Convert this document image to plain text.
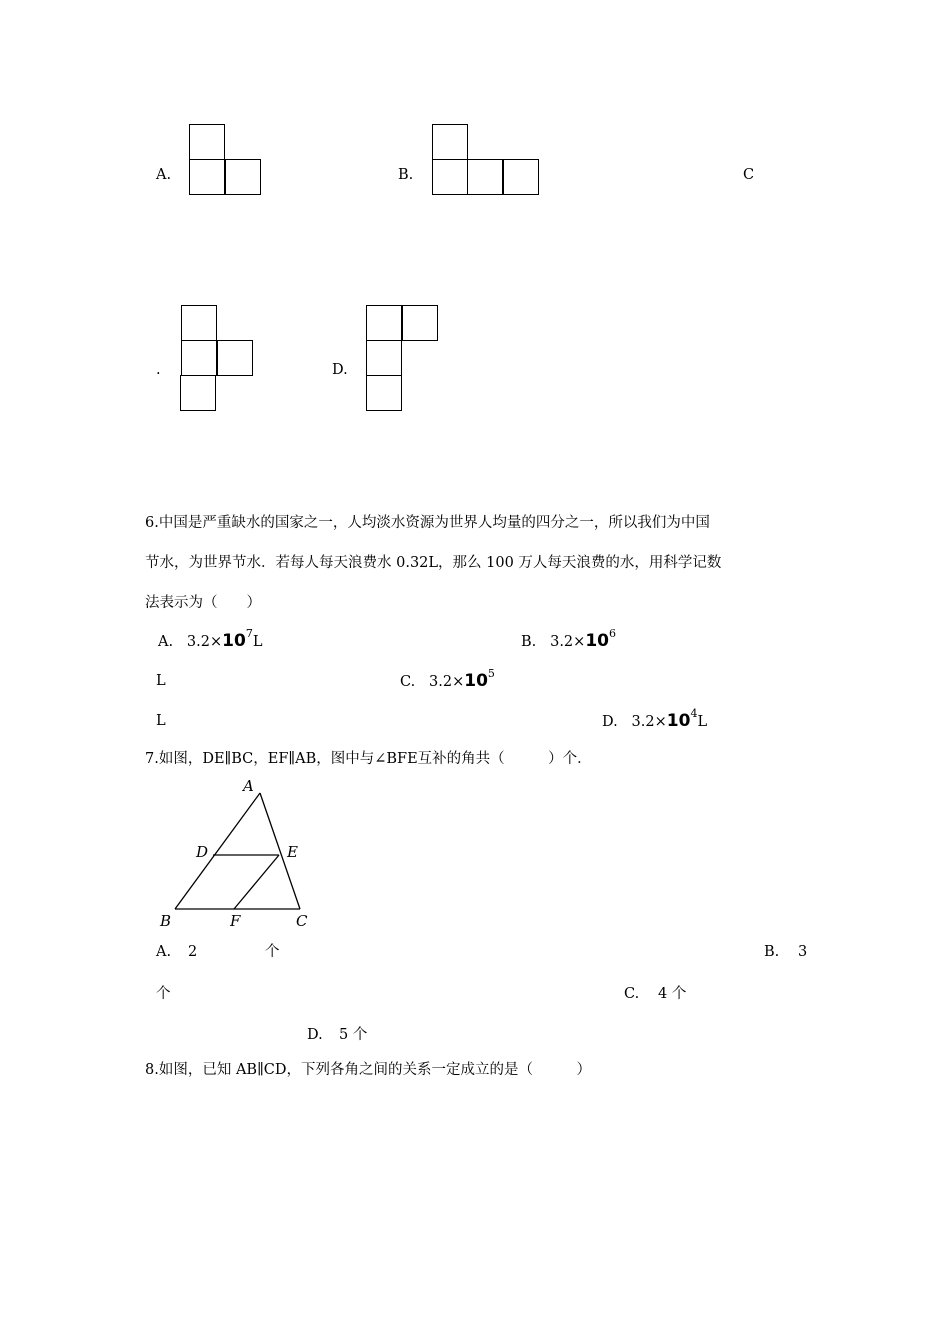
A.	B.	C
.	D.
6.中国是严重缺水的国家之一，人均淡水资源为世界人均量的四分之一，所以我们为中国
节水，为世界节水．若每人每天浪费水 0.32L，那么 100 万人每天浪费的水，用科学记数
法表示为（　　）
A. $3.2\times 10^7L$	B. $3.2\times 10^6$
L	C. $3.2\times 10^5$
L	D. $3.2\times 10^4L$
7.如图，DE∥BC，EF∥AB，图中与∠BFE互补的角共（　　　）个．
A
D	E
B	F	C
A. 2	个	B. 3
个	C. 4 个
D. 5 个
8.如图，已知 AB∥CD，下列各角之间的关系一定成立的是（　　　）
